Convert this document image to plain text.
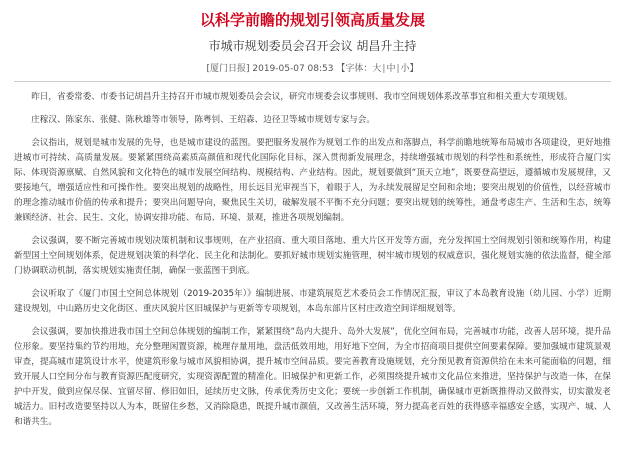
以科学前瞻的规划引领高质量发展
市城市规划委员会召开会议 胡昌升主持
[厦门日报] 2019-05-07 08:53 【字体：大|中|小】

昨日，省委常委、市委书记胡昌升主持召开市城市规划委员会会议，研究市规委会议事规则、我市空间规划体系改革事宜和相关重大专项规划。

庄稼汉、陈家东、张健、陈秋雄等市领导，陈粤钊、王绍森、边径卫等城市规划专家与会。

会议指出，规划是城市发展的先导，也是城市建设的蓝图。要把服务发展作为规划工作的出发点和落脚点，科学前瞻地统筹布局城市各项建设，更好地推进城市可持续、高质量发展。要紧紧围绕高素质高颜值和现代化国际化目标，深入贯彻新发展理念，持续增强城市规划的科学性和系统性，形成符合厦门实际、体现资源禀赋、自然风貌和文化特色的城市发展空间结构、规模结构、产业结构。因此，规划要做到“顶天立地”，既要登高望远，遵循城市发展规律，又要接地气，增强适应性和可操作性。要突出规划的战略性，用长远目光审视当下，着眼于人，为永续发展留足空间和余地；要突出规划的价值性，以经营城市的理念推动城市价值的传承和提升；要突出问题导向，聚焦民生关切，破解发展不平衡不充分问题；要突出规划的统筹性，通盘考虑生产、生活和生态，统筹兼顾经济、社会、民生、文化，协调安排功能、布局、环境、景观，推进各项规划编制。

会议强调，要不断完善城市规划决策机制和议事规则，在产业招商、重大项目落地、重大片区开发等方面，充分发挥国土空间规划引领和统筹作用，构建新型国土空间规划体系，促进规划决策的科学化、民主化和法制化。要抓好城市规划实施管理，树牢城市规划的权威意识，强化规划实施的依法监督，健全部门协调联动机制，落实规划实施责任制，确保一张蓝图干到底。

会议听取了《厦门市国土空间总体规划（2019-2035年）》编制进展、市建筑展览艺术委员会工作情况汇报，审议了本岛教育设施（幼儿园、小学）近期建设规划，中山路历史文化街区、重庆风貌片区旧城保护与更新等专项规划，本岛东部片区村庄改造空间详细规划等。

会议强调，要加快推进我市国土空间总体规划的编制工作，紧紧围绕“岛内大提升、岛外大发展”，优化空间布局，完善城市功能，改善人居环境，提升品位形象。要坚持集约节约用地，充分整理闲置资源，梳理存量用地，盘活低效用地，用好地下空间，为全市招商项目提供空间要素保障。要加强城市建筑景观审查，提高城市建筑设计水平，使建筑形象与城市风貌相协调，提升城市空间品质。要完善教育设施规划，充分预见教育资源供给在未来可能面临的问题，细致开展人口空间分布与教育资源匹配度研究，实现资源配置的精准化。旧城保护和更新工作，必须围绕提升城市文化品位来推进，坚持保护与改造一体，在保护中开发，做到应保尽保、宜留尽留、修旧如旧，延续历史文脉，传承优秀历史文化；要统一步创新工作机制，确保城市更新既推得动又做得实，切实激发老城活力。旧村改造要坚持以人为本，既留住乡愁，又消除隐患，既提升城市颜值，又改善生活环境，努力提高老百姓的获得感幸福感安全感，实现产、城、人和谐共生。
